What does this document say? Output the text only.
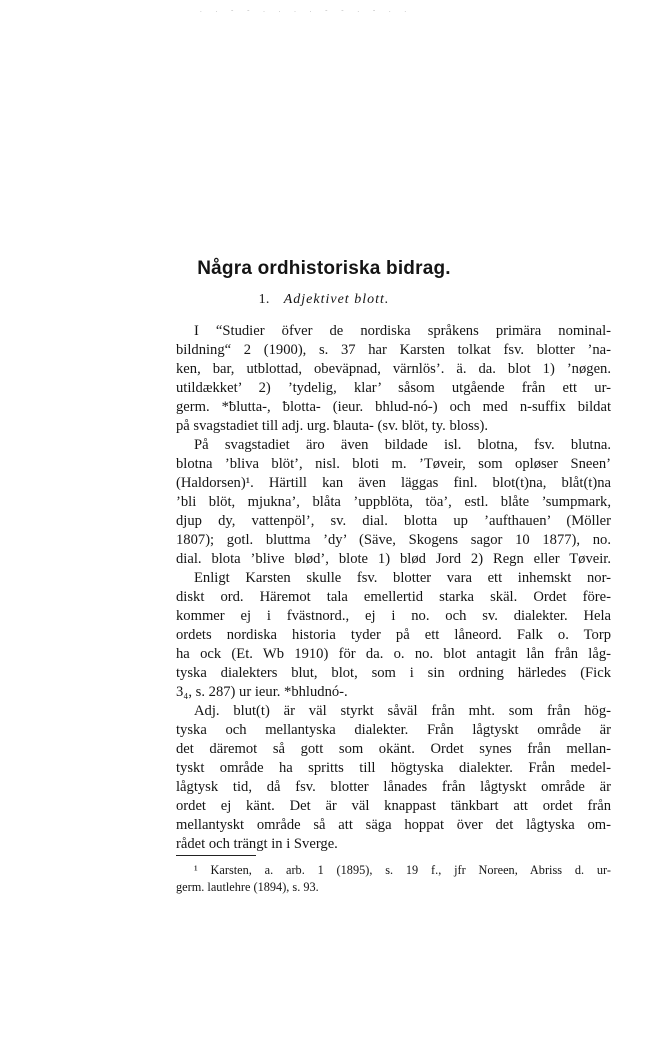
. . - - . . . . - - . - . .
Några ordhistoriska bidrag.
1. Adjektivet blott.
I “Studier öfver de nordiska språkens primära nominal-
bildning“ 2 (1900), s. 37 har Karsten tolkat fsv. blotter ’na-
ken, bar, utblottad, obeväpnad, värnlös’. ä. da. blot 1) ’nøgen.
utildækket’ 2) ’tydelig, klar’ såsom utgående från ett ur-
germ. *ƀlutta-, ƀlotta- (ieur. bhlud-nó-) och med n-suffix bildat
på svagstadiet till adj. urg. ƀlauta- (sv. blöt, ty. bloss).
På svagstadiet äro även bildade isl. blotna, fsv. blutna.
blotna ’bliva blöt’, nisl. bloti m. ’Tøveir, som opløser Sneen’
(Haldorsen)¹. Härtill kan även läggas finl. blot(t)na, blåt(t)na
’bli blöt, mjukna’, blåta ’uppblöta, töa’, estl. blåte ’sumpmark,
djup dy, vattenpöl’, sv. dial. blotta up ’aufthauen’ (Möller
1807); gotl. bluttma ’dy’ (Säve, Skogens sagor 10 1877), no.
dial. blota ’blive blød’, blote 1) blød Jord 2) Regn eller Tøveir.
Enligt Karsten skulle fsv. blotter vara ett inhemskt nor-
diskt ord. Häremot tala emellertid starka skäl. Ordet före-
kommer ej i fvästnord., ej i no. och sv. dialekter. Hela
ordets nordiska historia tyder på ett låneord. Falk o. Torp
ha ock (Et. Wb 1910) för da. o. no. blot antagit lån från låg-
tyska dialekters blut, blot, som i sin ordning härledes (Fick
3₄, s. 287) ur ieur. *bhludnó-.
Adj. blut(t) är väl styrkt såväl från mht. som från hög-
tyska och mellantyska dialekter. Från lågtyskt område är
det däremot så gott som okänt. Ordet synes från mellan-
tyskt område ha spritts till högtyska dialekter. Från medel-
lågtysk tid, då fsv. blotter lånades från lågtyskt område är
ordet ej känt. Det är väl knappast tänkbart att ordet från
mellantyskt område så att säga hoppat över det lågtyska om-
rådet och trängt in i Sverge.
¹ Karsten, a. arb. 1 (1895), s. 19 f., jfr Noreen, Abriss d. ur-
germ. lautlehre (1894), s. 93.
